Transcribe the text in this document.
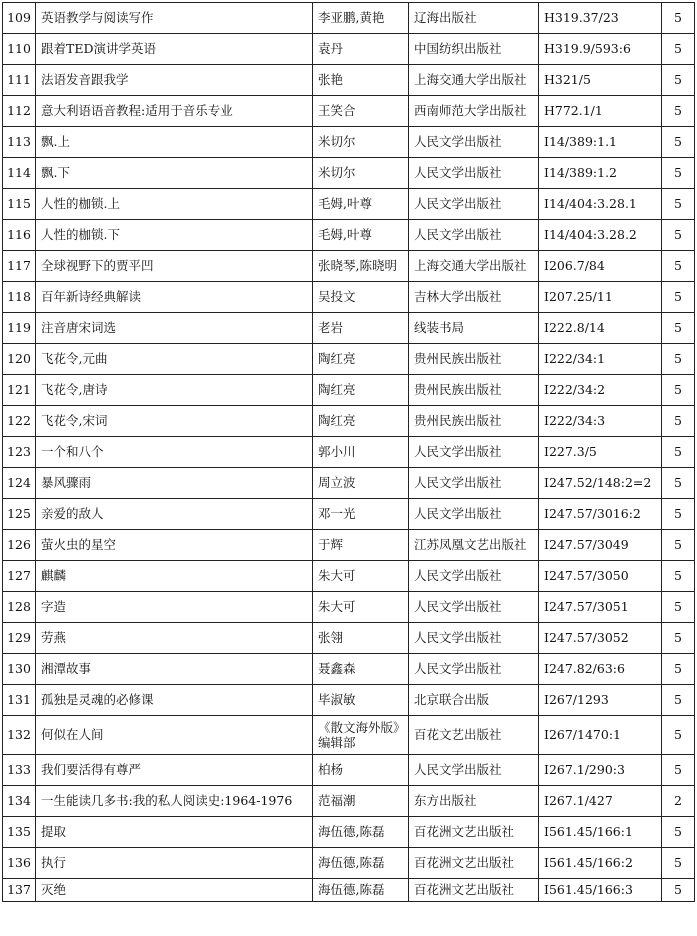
109	英语教学与阅读写作	李亚鹏,黄艳	辽海出版社	H319.37/23	5
110	跟着TED演讲学英语	袁丹	中国纺织出版社	H319.9/593:6	5
111	法语发音跟我学	张艳	上海交通大学出版社	H321/5	5
112	意大利语语音教程:适用于音乐专业	王笑合	西南师范大学出版社	H772.1/1	5
113	飘.上	米切尔	人民文学出版社	I14/389:1.1	5
114	飘.下	米切尔	人民文学出版社	I14/389:1.2	5
115	人性的枷锁.上	毛姆,叶尊	人民文学出版社	I14/404:3.28.1	5
116	人性的枷锁.下	毛姆,叶尊	人民文学出版社	I14/404:3.28.2	5
117	全球视野下的贾平凹	张晓琴,陈晓明	上海交通大学出版社	I206.7/84	5
118	百年新诗经典解读	吴投文	吉林大学出版社	I207.25/11	5
119	注音唐宋词选	老岩	线装书局	I222.8/14	5
120	飞花令,元曲	陶红亮	贵州民族出版社	I222/34:1	5
121	飞花令,唐诗	陶红亮	贵州民族出版社	I222/34:2	5
122	飞花令,宋词	陶红亮	贵州民族出版社	I222/34:3	5
123	一个和八个	郭小川	人民文学出版社	I227.3/5	5
124	暴风骤雨	周立波	人民文学出版社	I247.52/148:2=2	5
125	亲爱的敌人	邓一光	人民文学出版社	I247.57/3016:2	5
126	萤火虫的星空	于辉	江苏凤凰文艺出版社	I247.57/3049	5
127	麒麟	朱大可	人民文学出版社	I247.57/3050	5
128	字造	朱大可	人民文学出版社	I247.57/3051	5
129	劳燕	张翎	人民文学出版社	I247.57/3052	5
130	湘潭故事	聂鑫森	人民文学出版社	I247.82/63:6	5
131	孤独是灵魂的必修课	毕淑敏	北京联合出版	I267/1293	5
132	何似在人间	《散文海外版》编辑部	百花文艺出版社	I267/1470:1	5
133	我们要活得有尊严	柏杨	人民文学出版社	I267.1/290:3	5
134	一生能读几多书:我的私人阅读史:1964-1976	范福潮	东方出版社	I267.1/427	2
135	提取	海伍德,陈磊	百花洲文艺出版社	I561.45/166:1	5
136	执行	海伍德,陈磊	百花洲文艺出版社	I561.45/166:2	5
137	灭绝	海伍德,陈磊	百花洲文艺出版社	I561.45/166:3	5
